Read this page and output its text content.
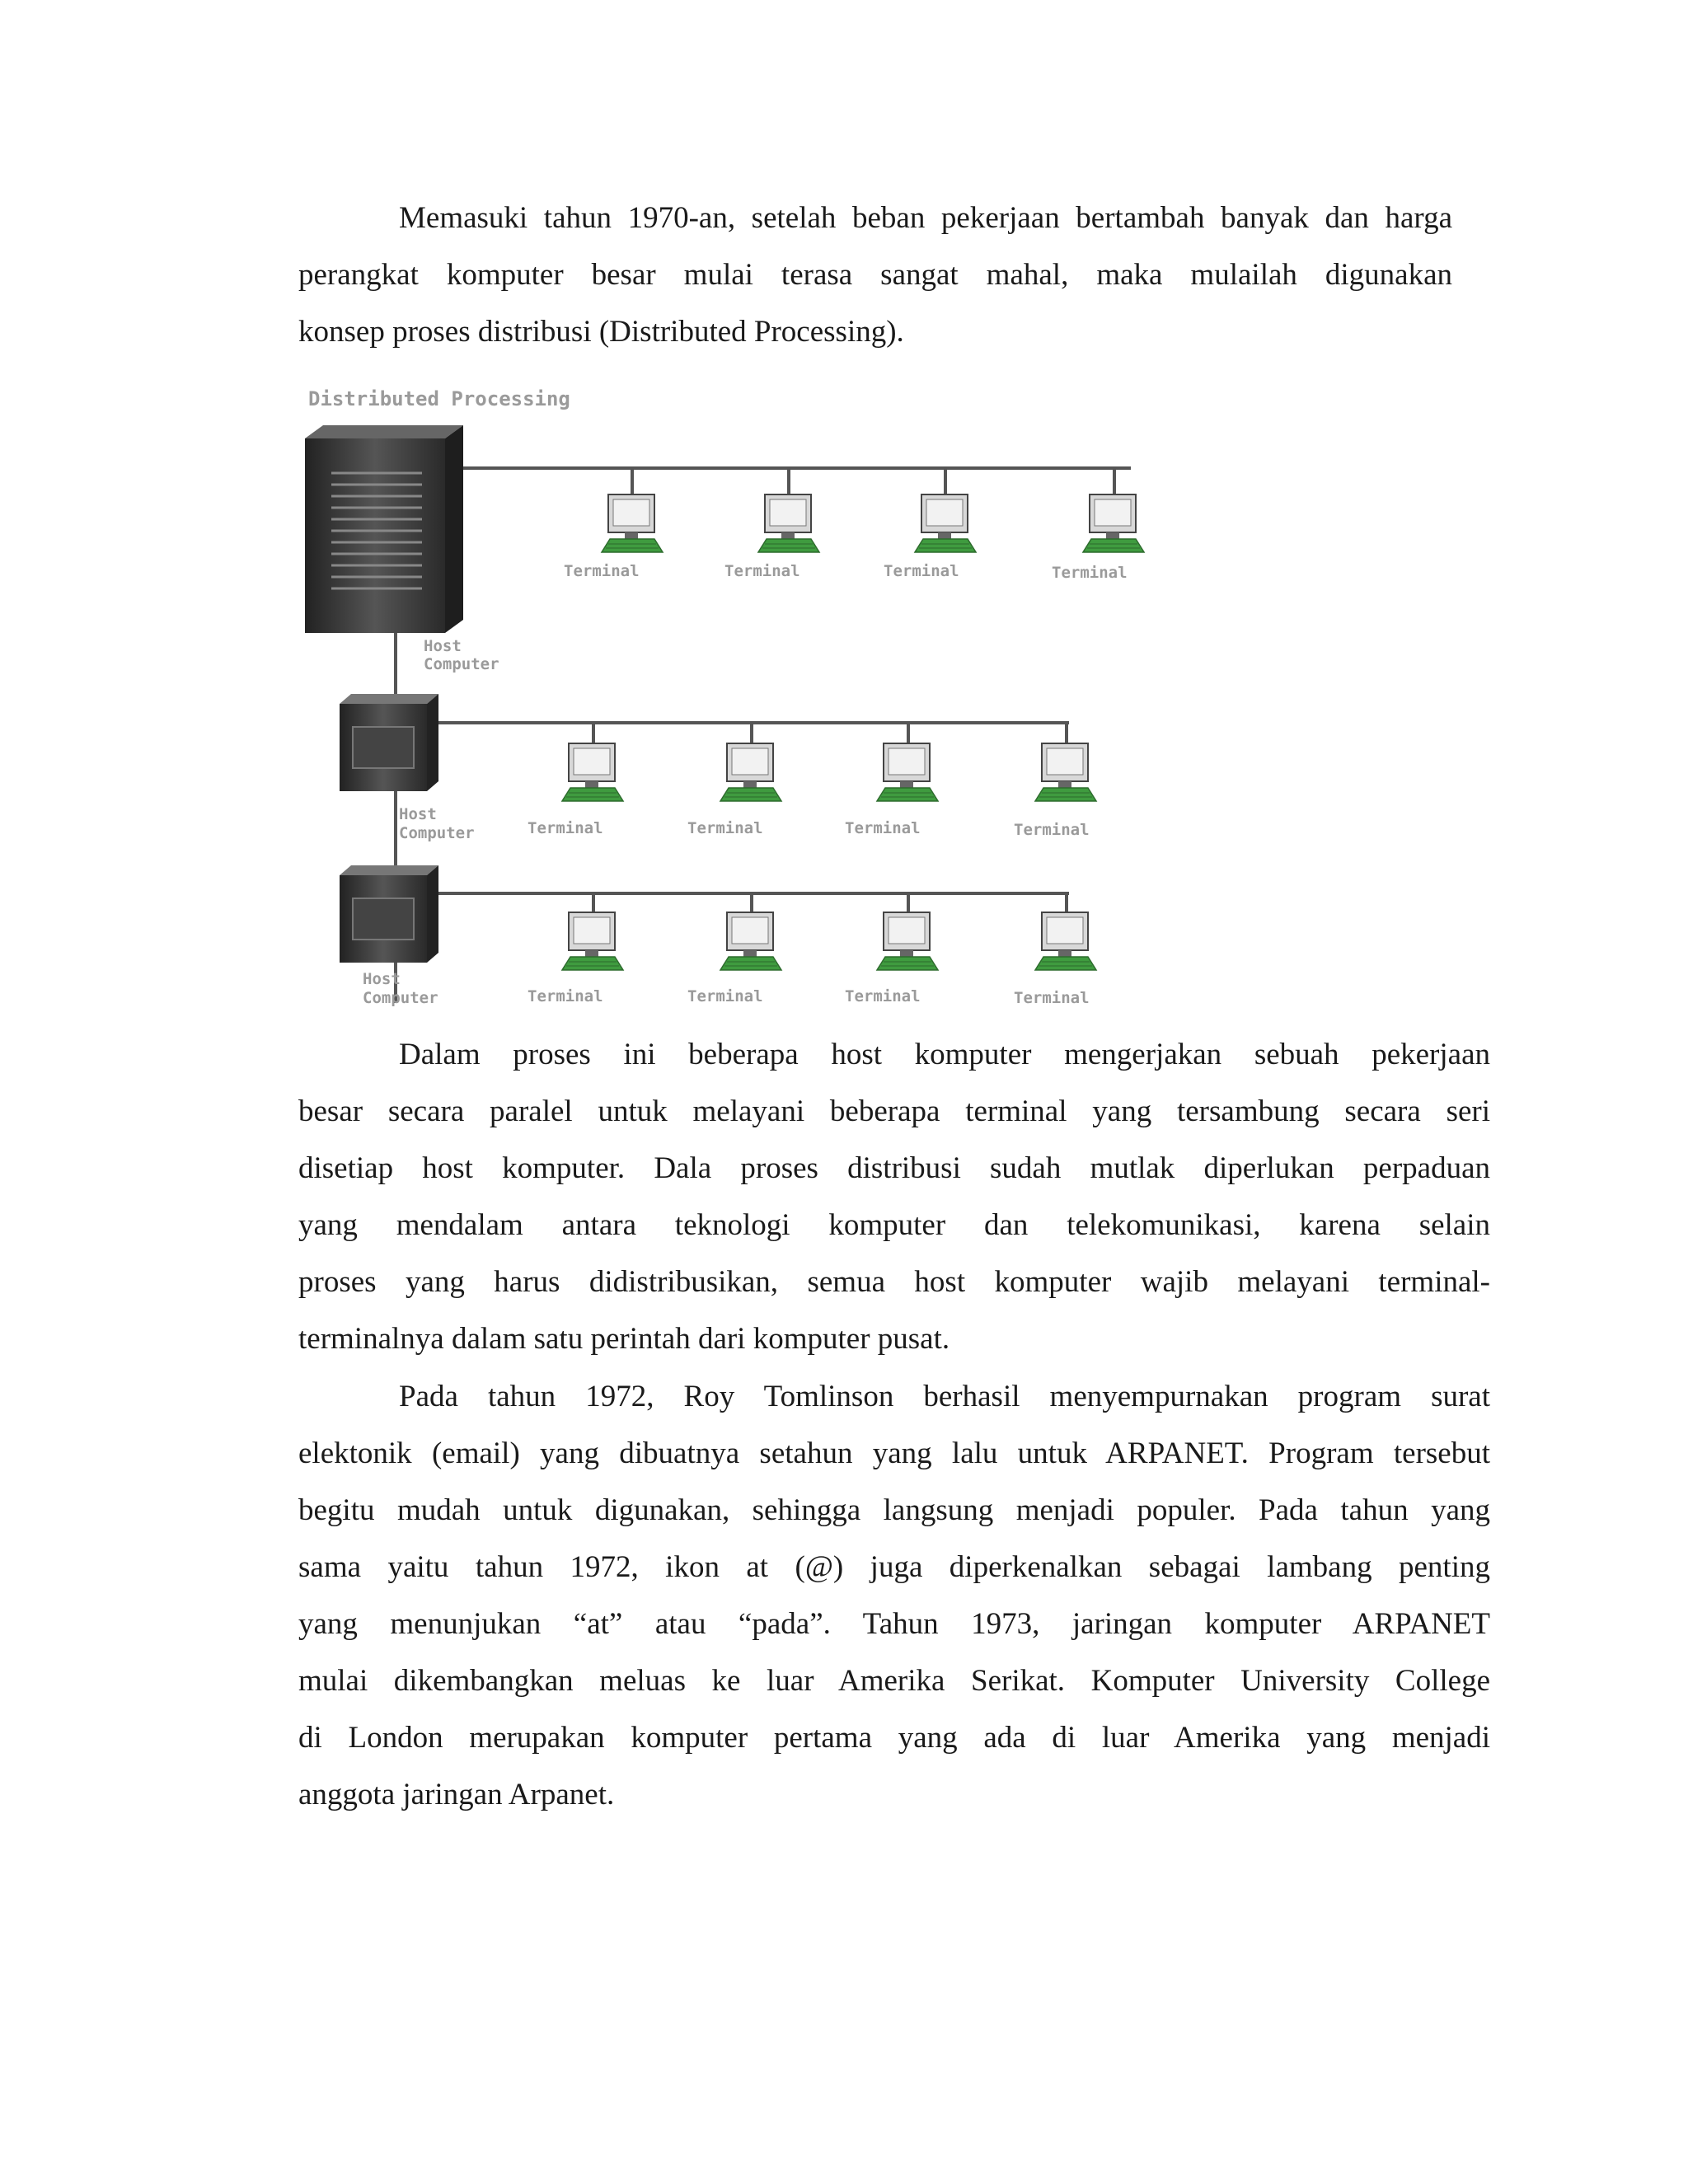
Memasuki tahun 1970-an, setelah beban pekerjaan bertambah banyak dan harga
perangkat komputer besar mulai terasa sangat mahal, maka mulailah digunakan
konsep proses distribusi (Distributed Processing).

Distributed Processing
Host
Computer
Host
Computer
Host
Computer
Terminal	Terminal	Terminal	Terminal
Terminal	Terminal	Terminal	Terminal
Terminal	Terminal	Terminal	Terminal

Dalam proses ini beberapa host komputer mengerjakan sebuah pekerjaan
besar secara paralel untuk melayani beberapa terminal yang tersambung secara seri
disetiap host komputer. Dala proses distribusi sudah mutlak diperlukan perpaduan
yang mendalam antara teknologi komputer dan telekomunikasi, karena selain
proses yang harus didistribusikan, semua host komputer wajib melayani terminal-
terminalnya dalam satu perintah dari komputer pusat.

Pada tahun 1972, Roy Tomlinson berhasil menyempurnakan program surat
elektonik (email) yang dibuatnya setahun yang lalu untuk ARPANET. Program tersebut
begitu mudah untuk digunakan, sehingga langsung menjadi populer. Pada tahun yang
sama yaitu tahun 1972, ikon at (@) juga diperkenalkan sebagai lambang penting
yang menunjukan “at” atau “pada”. Tahun 1973, jaringan komputer ARPANET
mulai dikembangkan meluas ke luar Amerika Serikat. Komputer University College
di London merupakan komputer pertama yang ada di luar Amerika yang menjadi
anggota jaringan Arpanet.
